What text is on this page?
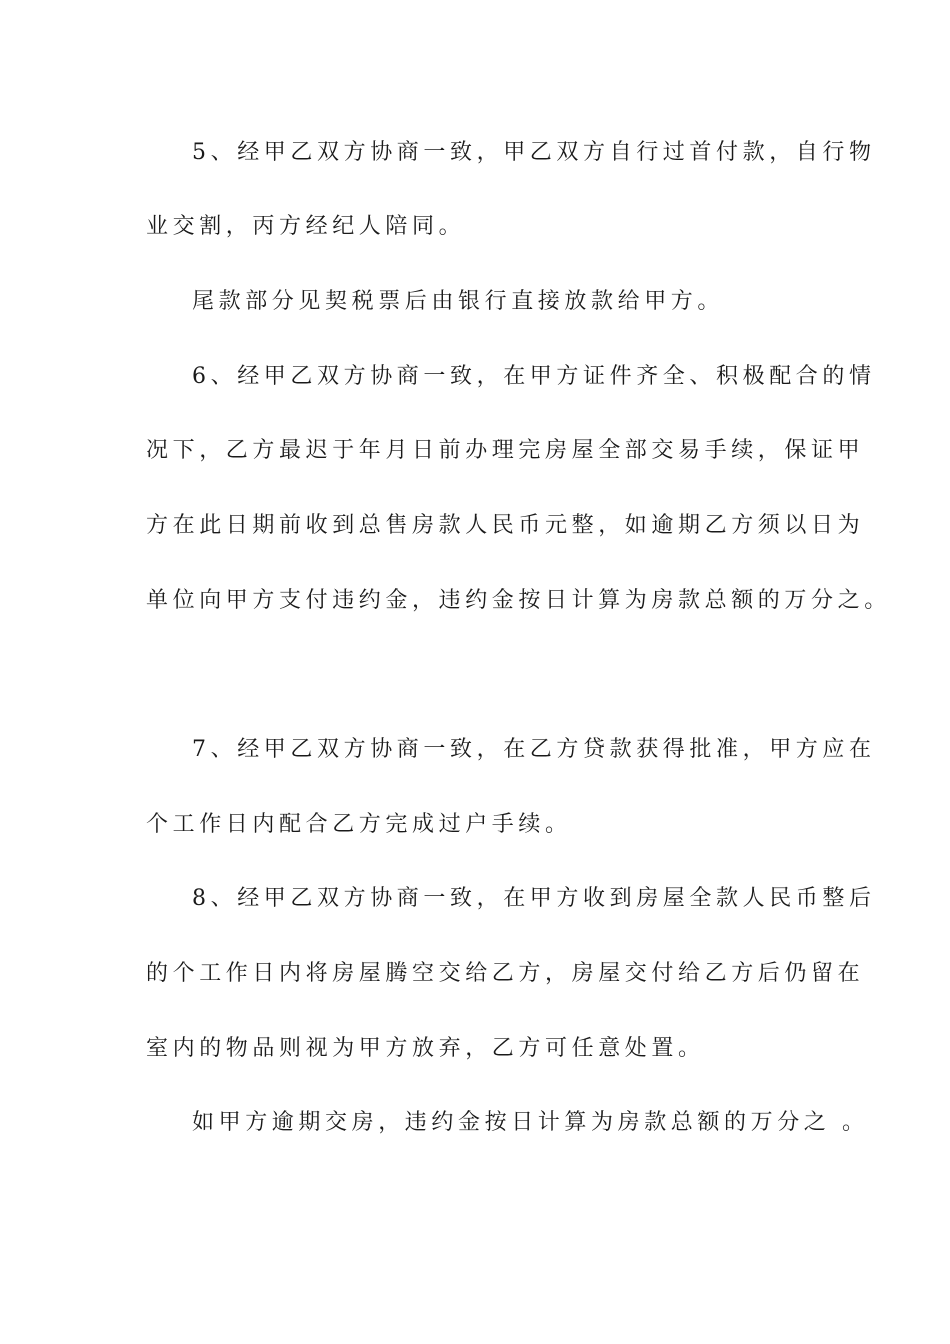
5、经甲乙双方协商一致，甲乙双方自行过首付款，自行物
业交割，丙方经纪人陪同。
尾款部分见契税票后由银行直接放款给甲方。
6、经甲乙双方协商一致，在甲方证件齐全、积极配合的情
况下，乙方最迟于年月日前办理完房屋全部交易手续，保证甲
方在此日期前收到总售房款人民币元整，如逾期乙方须以日为
单位向甲方支付违约金，违约金按日计算为房款总额的万分之。
7、经甲乙双方协商一致，在乙方贷款获得批准，甲方应在
个工作日内配合乙方完成过户手续。
8、经甲乙双方协商一致，在甲方收到房屋全款人民币整后
的个工作日内将房屋腾空交给乙方，房屋交付给乙方后仍留在
室内的物品则视为甲方放弃，乙方可任意处置。
如甲方逾期交房，违约金按日计算为房款总额的万分之 。
